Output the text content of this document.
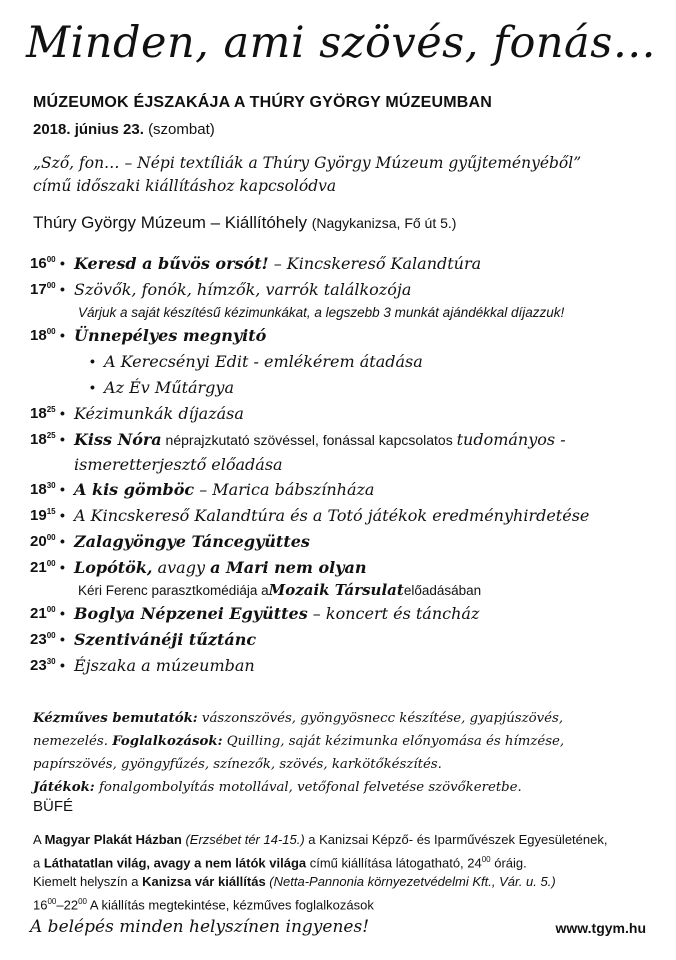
Minden, ami szövés, fonás…
MÚZEUMOK ÉJSZAKÁJA A THÚRY GYÖRGY MÚZEUMBAN
2018. június 23. (szombat)
„Sző, fon… – Népi textíliák a Thúry György Múzeum gyűjteményéből”
című időszaki kiállításhoz kapcsolódva
Thúry György Múzeum – Kiállítóhely (Nagykanizsa, Fő út 5.)
$16^{00}$ • Keresd a bűvös orsót! – Kincskereső Kalandtúra
$17^{00}$ • Szövők, fonók, hímzők, varrók találkozója
Várjuk a saját készítésű kézimunkákat, a legszebb 3 munkát ajándékkal díjazzuk!
$18^{00}$ • Ünnepélyes megnyitó
• A Kerecsényi Edit - emlékérem átadása
• Az Év Műtárgya
$18^{25}$ • Kézimunkák díjazása
$18^{25}$ • Kiss Nóra néprajzkutató szövéssel, fonással kapcsolatos tudományos -
ismeretterjesztő előadása
$18^{30}$ • A kis gömböc – Marica bábszínháza
$19^{15}$ • A Kincskereső Kalandtúra és a Totó játékok eredményhirdetése
$20^{00}$ • Zalagyöngye Táncegyüttes
$21^{00}$ • Lopótök, avagy a Mari nem olyan
Kéri Ferenc parasztkomédiája a Mozaik Társulat előadásában
$21^{00}$ • Boglya Népzenei Együttes – koncert és táncház
$23^{00}$ • Szentivánéji tűztánc
$23^{30}$ • Éjszaka a múzeumban
Kézműves bemutatók: vászonszövés, gyöngyösnecc készítése, gyapjúszövés,
nemezelés. Foglalkozások: Quilling, saját kézimunka előnyomása és hímzése,
papírszövés, gyöngyfűzés, színezők, szövés, karkötőkészítés.
Játékok: fonalgombolyítás motollával, vetőfonal felvetése szövőkeretbe.
BÜFÉ
A Magyar Plakát Házban (Erzsébet tér 14-15.) a Kanizsai Képző- és Iparművészek Egyesületének,
a Láthatatlan világ, avagy a nem látók világa című kiállítása látogatható, $24^{00}$ óráig.
Kiemelt helyszín a Kanizsa vár kiállítás (Netta-Pannonia környezetvédelmi Kft., Vár. u. 5.)
$16^{00}-22^{00}$ A kiállítás megtekintése, kézműves foglalkozások
A belépés minden helyszínen ingyenes!	www.tgym.hu
